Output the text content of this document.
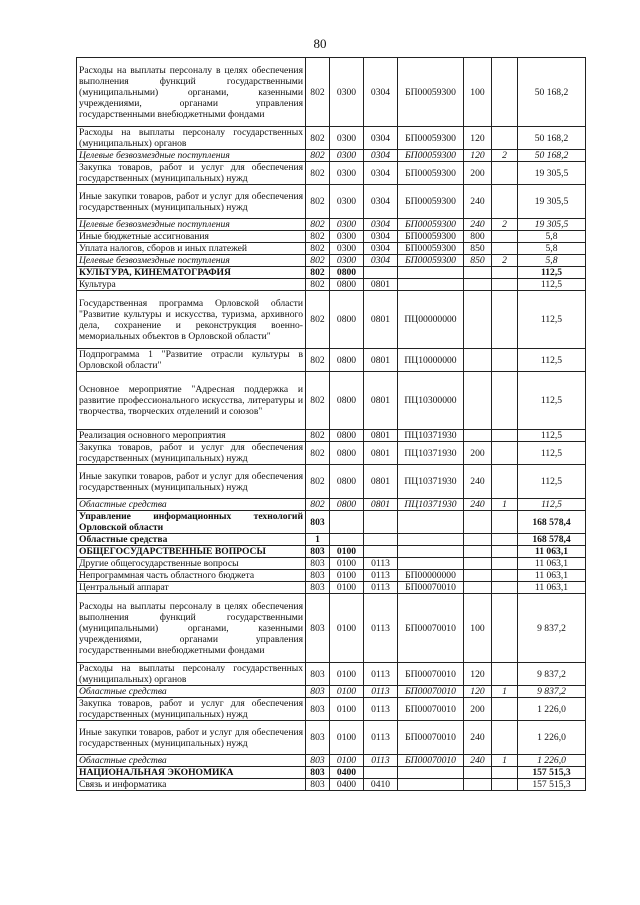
80
Расходы на выплаты персоналу в целях обеспечения выполнения функций государственными (муниципальными) органами, казенными учреждениями, органами управления государственными внебюджетными фондами	802	0300	0304	БП00059300	100		50 168,2
Расходы на выплаты персоналу государственных (муниципальных) органов	802	0300	0304	БП00059300	120		50 168,2
Целевые безвозмездные поступления	802	0300	0304	БП00059300	120	2	50 168,2
Закупка товаров, работ и услуг для обеспечения государственных (муниципальных) нужд	802	0300	0304	БП00059300	200		19 305,5
Иные закупки товаров, работ и услуг для обеспечения государственных (муниципальных) нужд	802	0300	0304	БП00059300	240		19 305,5
Целевые безвозмездные поступления	802	0300	0304	БП00059300	240	2	19 305,5
Иные бюджетные ассигнования	802	0300	0304	БП00059300	800		5,8
Уплата налогов, сборов и иных платежей	802	0300	0304	БП00059300	850		5,8
Целевые безвозмездные поступления	802	0300	0304	БП00059300	850	2	5,8
КУЛЬТУРА, КИНЕМАТОГРАФИЯ	802	0800					112,5
Культура	802	0800	0801				112,5
Государственная программа Орловской области "Развитие культуры и искусства, туризма, архивного дела, сохранение и реконструкция военно-мемориальных объектов в Орловской области"	802	0800	0801	ПЦ00000000			112,5
Подпрограмма 1 "Развитие отрасли культуры в Орловской области"	802	0800	0801	ПЦ10000000			112,5
Основное мероприятие "Адресная поддержка и развитие профессионального искусства, литературы и творчества, творческих отделений и союзов"	802	0800	0801	ПЦ10300000			112,5
Реализация основного мероприятия	802	0800	0801	ПЦ10371930			112,5
Закупка товаров, работ и услуг для обеспечения государственных (муниципальных) нужд	802	0800	0801	ПЦ10371930	200		112,5
Иные закупки товаров, работ и услуг для обеспечения государственных (муниципальных) нужд	802	0800	0801	ПЦ10371930	240		112,5
Областные средства	802	0800	0801	ПЦ10371930	240	1	112,5
Управление информационных технологий Орловской области	803						168 578,4
Областные средства	1						168 578,4
ОБЩЕГОСУДАРСТВЕННЫЕ ВОПРОСЫ	803	0100					11 063,1
Другие общегосударственные вопросы	803	0100	0113				11 063,1
Непрограммная часть областного бюджета	803	0100	0113	БП00000000			11 063,1
Центральный аппарат	803	0100	0113	БП00070010			11 063,1
Расходы на выплаты персоналу в целях обеспечения выполнения функций государственными (муниципальными) органами, казенными учреждениями, органами управления государственными внебюджетными фондами	803	0100	0113	БП00070010	100		9 837,2
Расходы на выплаты персоналу государственных (муниципальных) органов	803	0100	0113	БП00070010	120		9 837,2
Областные средства	803	0100	0113	БП00070010	120	1	9 837,2
Закупка товаров, работ и услуг для обеспечения государственных (муниципальных) нужд	803	0100	0113	БП00070010	200		1 226,0
Иные закупки товаров, работ и услуг для обеспечения государственных (муниципальных) нужд	803	0100	0113	БП00070010	240		1 226,0
Областные средства	803	0100	0113	БП00070010	240	1	1 226,0
НАЦИОНАЛЬНАЯ ЭКОНОМИКА	803	0400					157 515,3
Связь и информатика	803	0400	0410				157 515,3
